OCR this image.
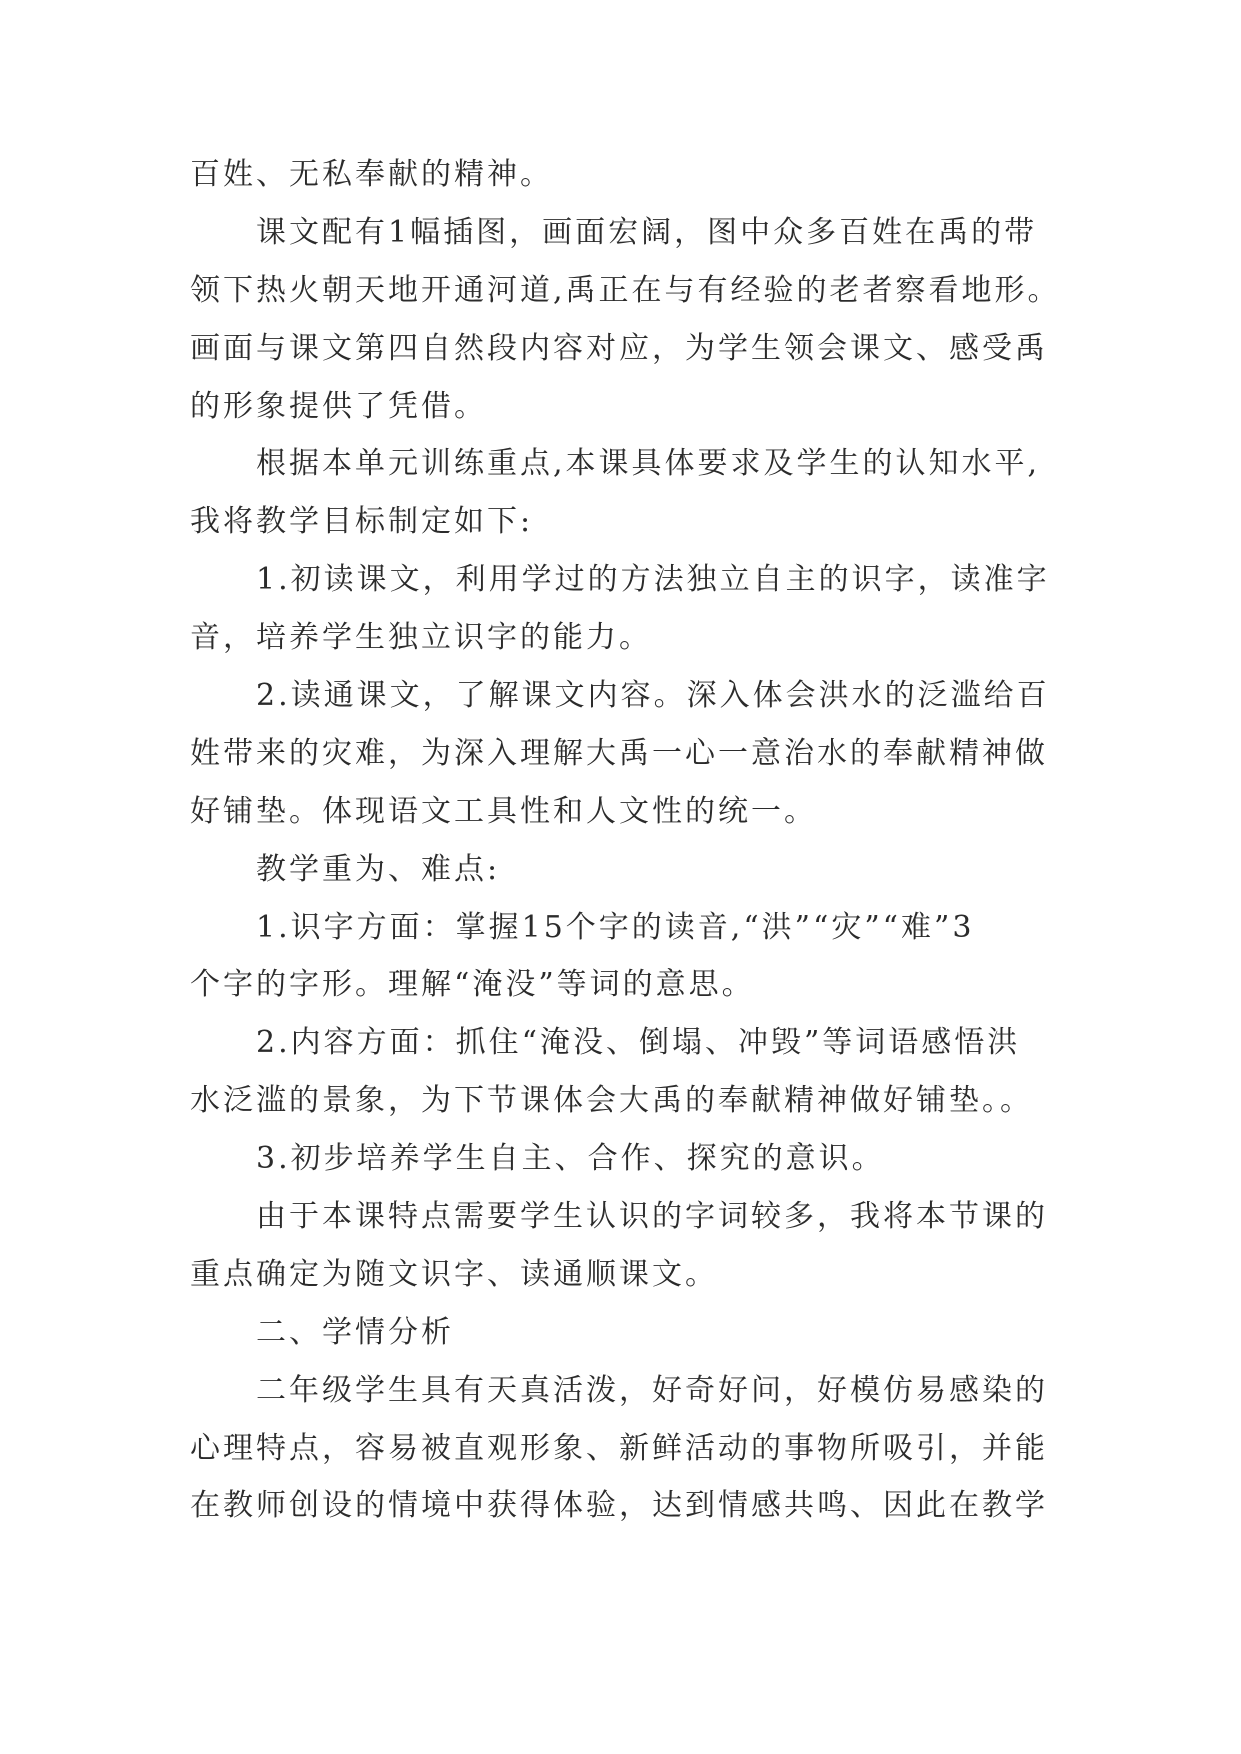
百姓、无私奉献的精神。
课文配有1幅插图，画面宏阔，图中众多百姓在禹的带
领下热火朝天地开通河道,禹正在与有经验的老者察看地形。
画面与课文第四自然段内容对应，为学生领会课文、感受禹
的形象提供了凭借。
根据本单元训练重点,本课具体要求及学生的认知水平,
我将教学目标制定如下:
1.初读课文，利用学过的方法独立自主的识字，读准字
音，培养学生独立识字的能力。
2.读通课文，了解课文内容。深入体会洪水的泛滥给百
姓带来的灾难，为深入理解大禹一心一意治水的奉献精神做
好铺垫。体现语文工具性和人文性的统一。
教学重为、难点:
1.识字方面：掌握15个字的读音,“洪”“灾”“难”3
个字的字形。理解“淹没”等词的意思。
2.内容方面：抓住“淹没、倒塌、冲毁”等词语感悟洪
水泛滥的景象，为下节课体会大禹的奉献精神做好铺垫。。
3.初步培养学生自主、合作、探究的意识。
由于本课特点需要学生认识的字词较多，我将本节课的
重点确定为随文识字、读通顺课文。
二、学情分析
二年级学生具有天真活泼，好奇好问，好模仿易感染的
心理特点，容易被直观形象、新鲜活动的事物所吸引，并能
在教师创设的情境中获得体验，达到情感共鸣、因此在教学
